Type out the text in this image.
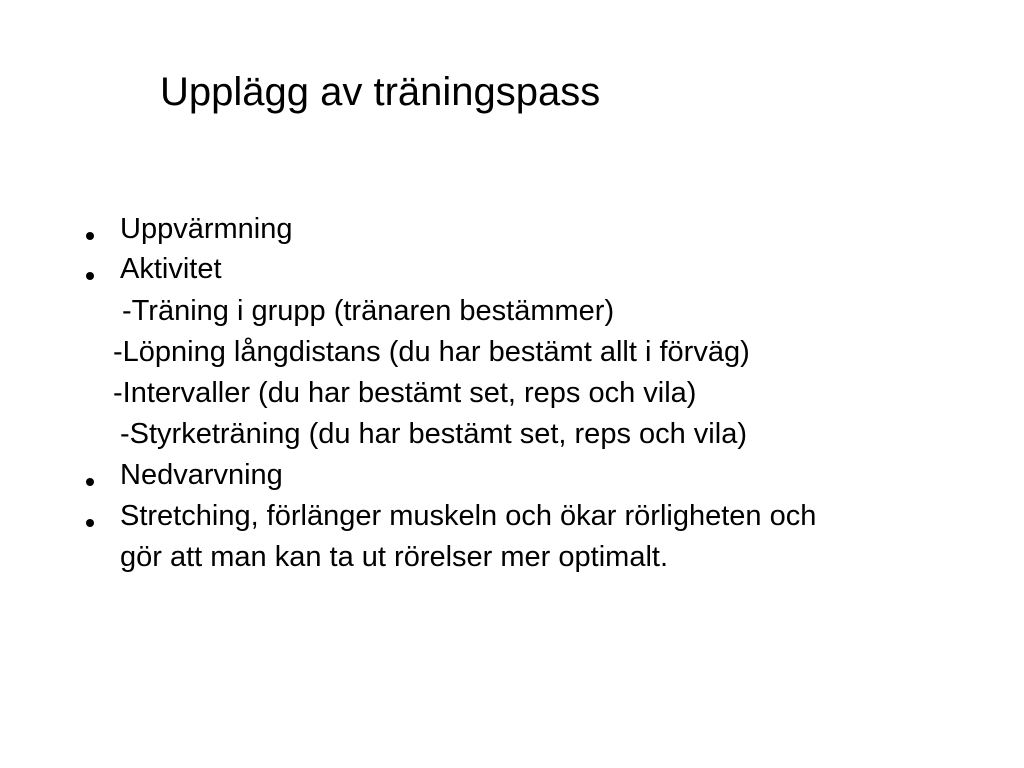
Upplägg av träningspass
Uppvärmning
Aktivitet
-Träning i grupp (tränaren bestämmer)
-Löpning långdistans (du har bestämt allt i förväg)
-Intervaller (du har bestämt set, reps och vila)
-Styrketräning (du har bestämt set, reps och vila)
Nedvarvning
Stretching, förlänger muskeln och ökar rörligheten och
gör att man kan ta ut rörelser mer optimalt.
